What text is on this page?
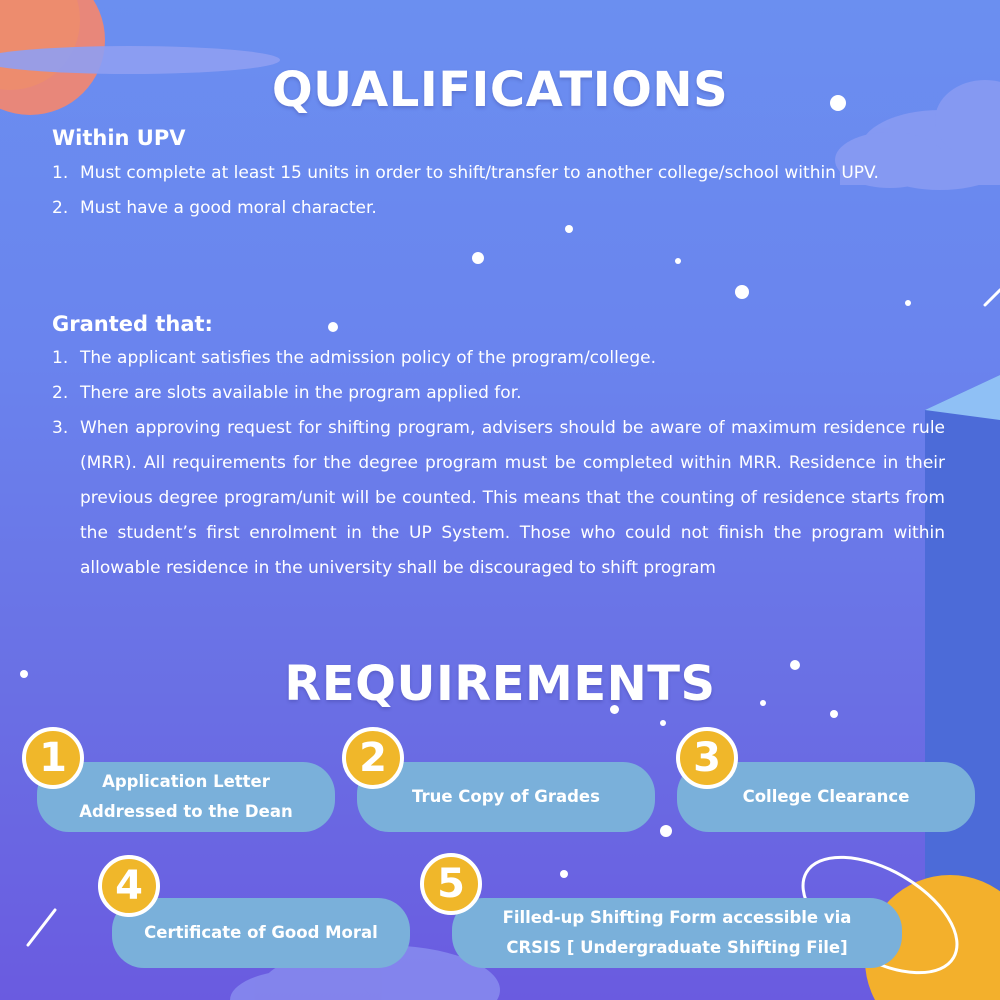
QUALIFICATIONS
Within UPV
1. Must complete at least 15 units in order to shift/transfer to another college/school within UPV.
2. Must have a good moral character.
Granted that:
1. The applicant satisfies the admission policy of the program/college.
2. There are slots available in the program applied for.
3. When approving request for shifting program, advisers should be aware of maximum residence rule (MRR). All requirements for the degree program must be completed within MRR. Residence in their previous degree program/unit will be counted. This means that the counting of residence starts from the student’s first enrolment in the UP System. Those who could not finish the program within allowable residence in the university shall be discouraged to shift program
REQUIREMENTS
Application Letter Addressed to the Dean
1
True Copy of Grades
2
College Clearance
3
Certificate of Good Moral
4
Filled-up Shifting Form accessible via CRSIS [ Undergraduate Shifting File]
5
